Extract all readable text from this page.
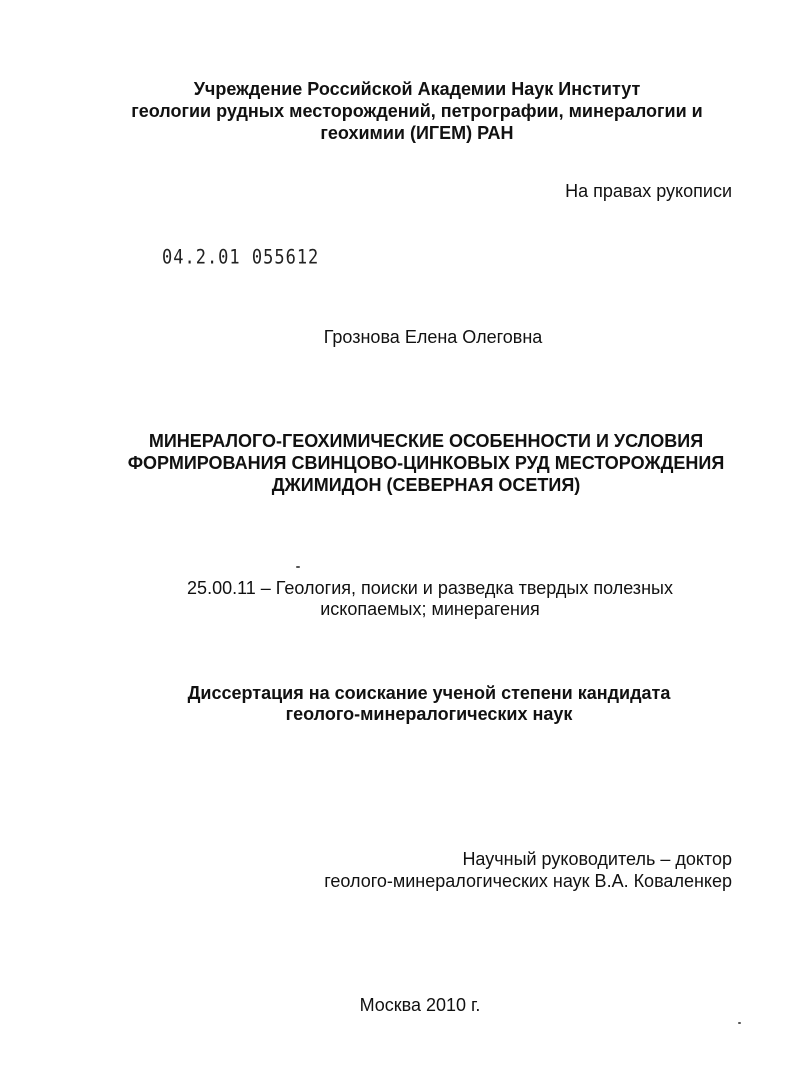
Учреждение Российской Академии Наук Институт
геологии рудных месторождений, петрографии, минералогии и
геохимии (ИГЕМ) РАН
На правах рукописи
04.2.01 055612
Грознова Елена Олеговна
МИНЕРАЛОГО-ГЕОХИМИЧЕСКИЕ ОСОБЕННОСТИ И УСЛОВИЯ
ФОРМИРОВАНИЯ СВИНЦОВО-ЦИНКОВЫХ РУД МЕСТОРОЖДЕНИЯ
ДЖИМИДОН (СЕВЕРНАЯ ОСЕТИЯ)
25.00.11 – Геология, поиски и разведка твердых полезных
ископаемых; минерагения
Диссертация на соискание ученой степени кандидата
геолого-минералогических наук
Научный руководитель – доктор
геолого-минералогических наук В.А. Коваленкер
Москва 2010 г.
